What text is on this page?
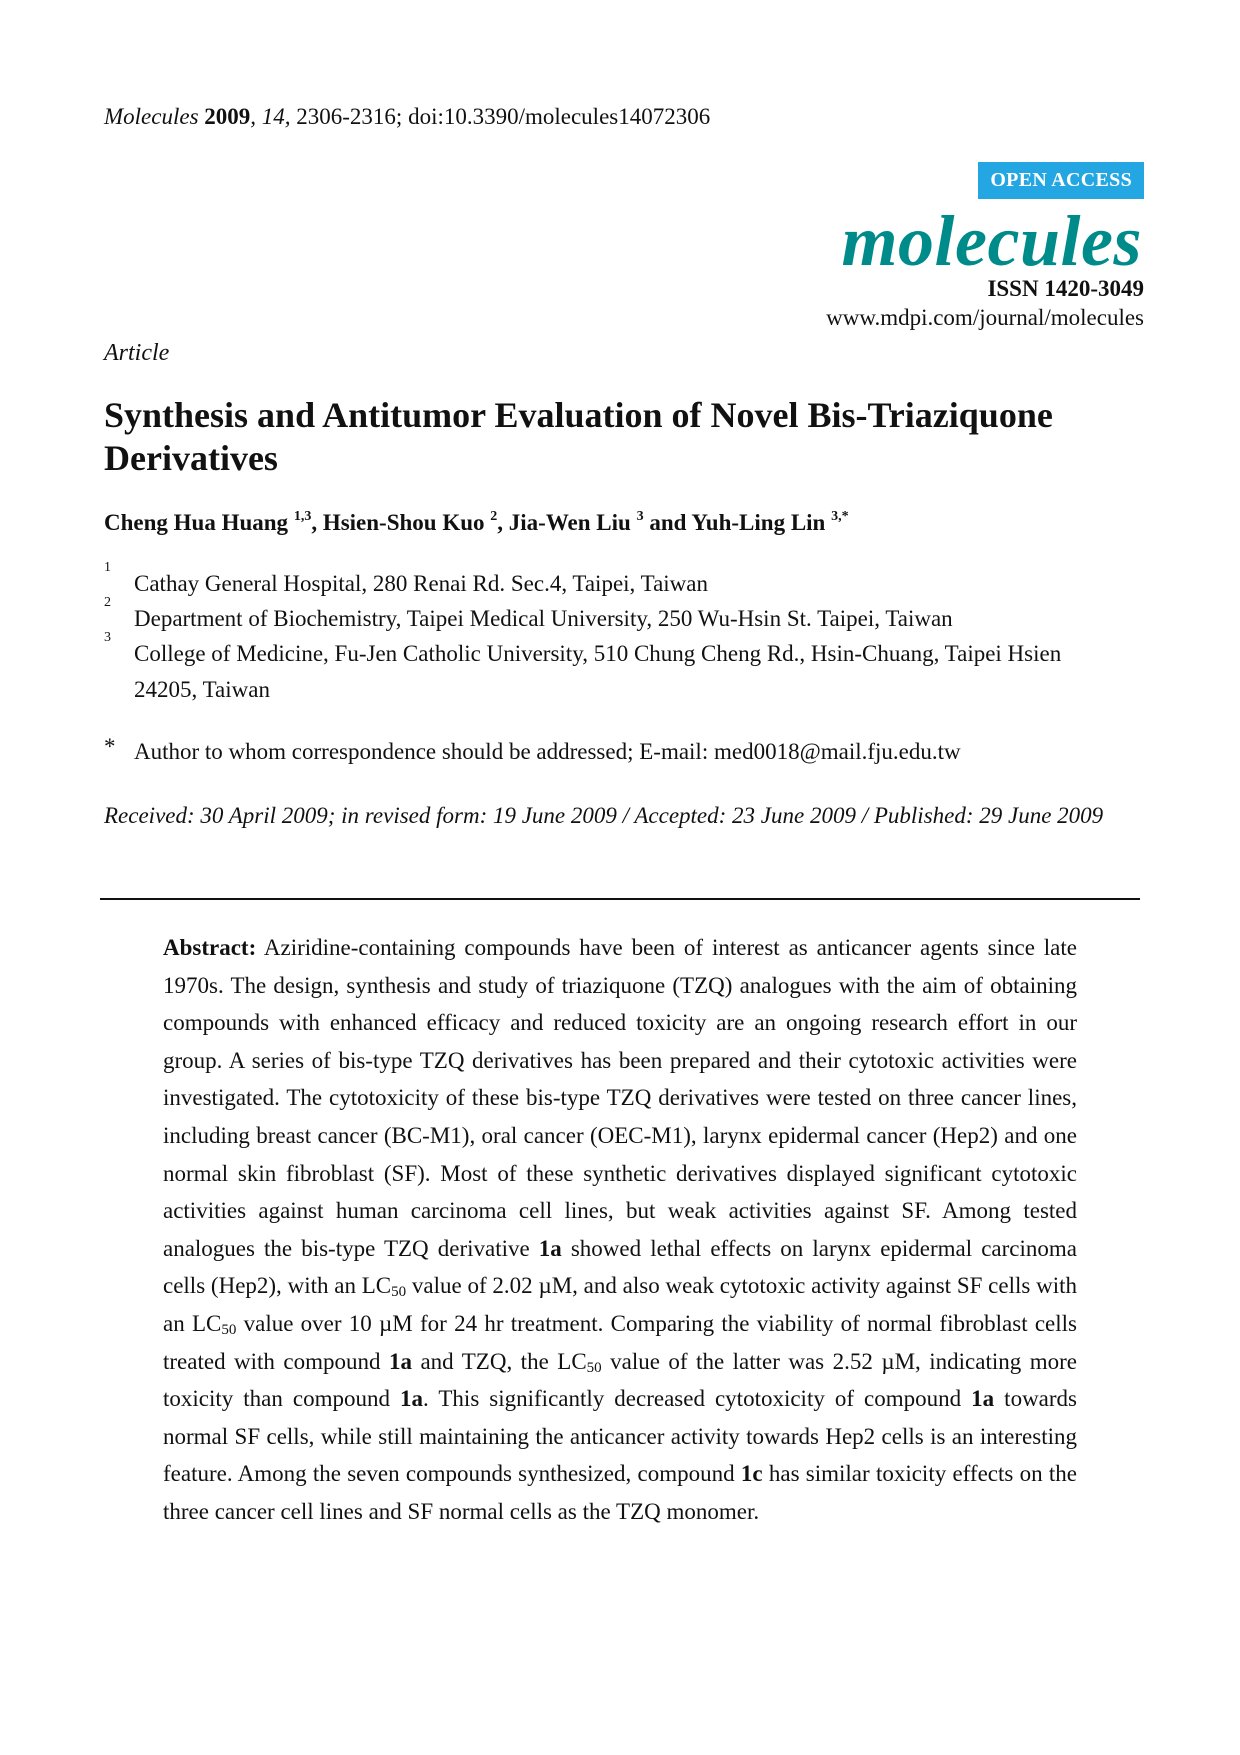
Molecules 2009, 14, 2306-2316; doi:10.3390/molecules14072306
OPEN ACCESS
molecules
ISSN 1420-3049
www.mdpi.com/journal/molecules
Article
Synthesis and Antitumor Evaluation of Novel Bis-Triaziquone Derivatives
Cheng Hua Huang $^{1,3}$, Hsien-Shou Kuo $^2$, Jia-Wen Liu $^3$ and Yuh-Ling Lin $^{3,*}$
1
Cathay General Hospital, 280 Renai Rd. Sec.4, Taipei, Taiwan
2
Department of Biochemistry, Taipei Medical University, 250 Wu-Hsin St. Taipei, Taiwan
3
College of Medicine, Fu-Jen Catholic University, 510 Chung Cheng Rd., Hsin-Chuang, Taipei Hsien 24205, Taiwan
* Author to whom correspondence should be addressed; E-mail: med0018@mail.fju.edu.tw
Received: 30 April 2009; in revised form: 19 June 2009 / Accepted: 23 June 2009 / Published: 29 June 2009

Abstract: Aziridine-containing compounds have been of interest as anticancer agents since late 1970s. The design, synthesis and study of triaziquone (TZQ) analogues with the aim of obtaining compounds with enhanced efficacy and reduced toxicity are an ongoing research effort in our group. A series of bis-type TZQ derivatives has been prepared and their cytotoxic activities were investigated. The cytotoxicity of these bis-type TZQ derivatives were tested on three cancer lines, including breast cancer (BC-M1), oral cancer (OEC-M1), larynx epidermal cancer (Hep2) and one normal skin fibroblast (SF). Most of these synthetic derivatives displayed significant cytotoxic activities against human carcinoma cell lines, but weak activities against SF. Among tested analogues the bis-type TZQ derivative 1a showed lethal effects on larynx epidermal carcinoma cells (Hep2), with an $LC_{50}$ value of 2.02 µM, and also weak cytotoxic activity against SF cells with an $LC_{50}$ value over 10 µM for 24 hr treatment. Comparing the viability of normal fibroblast cells treated with compound 1a and TZQ, the $LC_{50}$ value of the latter was 2.52 µM, indicating more toxicity than compound 1a. This significantly decreased cytotoxicity of compound 1a towards normal SF cells, while still maintaining the anticancer activity towards Hep2 cells is an interesting feature. Among the seven compounds synthesized, compound 1c has similar toxicity effects on the three cancer cell lines and SF normal cells as the TZQ monomer.
